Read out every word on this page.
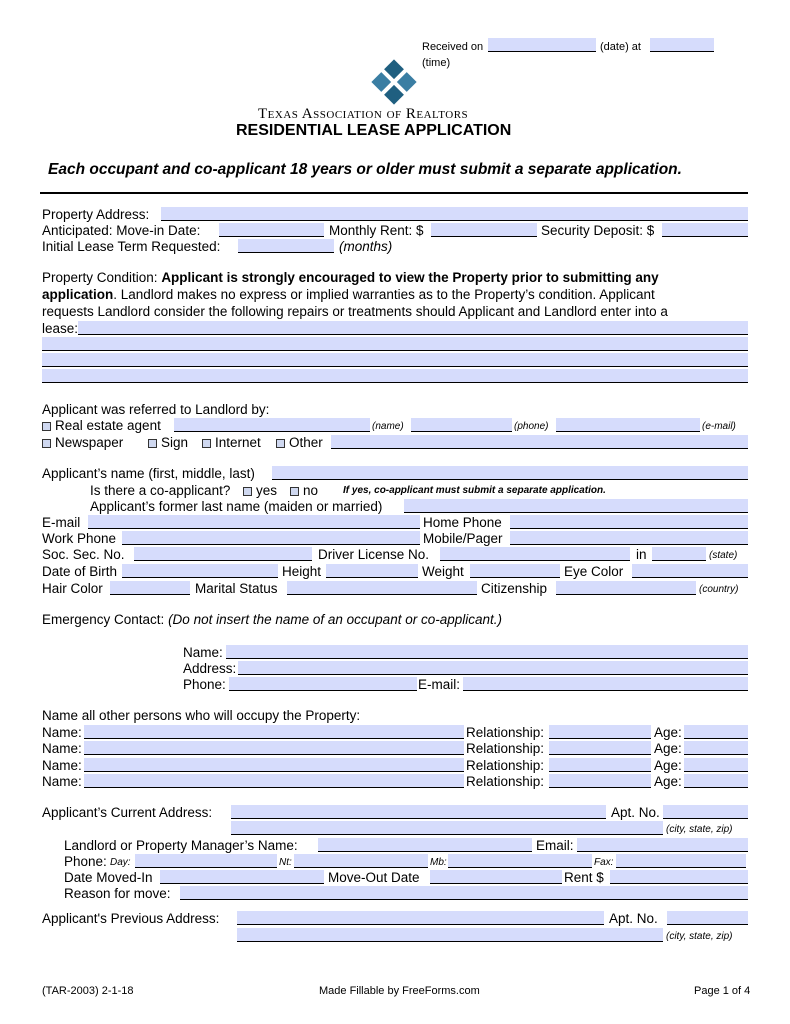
Received on	(date) at
(time)
Texas Association of Realtors
RESIDENTIAL LEASE APPLICATION
Each occupant and co-applicant 18 years or older must submit a separate application.
Property Address:
Anticipated: Move-in Date:	Monthly Rent: $	Security Deposit: $
Initial Lease Term Requested:	(months)
Property Condition: Applicant is strongly encouraged to view the Property prior to submitting any
application. Landlord makes no express or implied warranties as to the Property’s condition. Applicant
requests Landlord consider the following repairs or treatments should Applicant and Landlord enter into a
lease:
Applicant was referred to Landlord by:
Real estate agent	(name)	(phone)	(e-mail)
Newspaper	Sign	Internet	Other
Applicant’s name (first, middle, last)
Is there a co-applicant?	yes	no If yes, co-applicant must submit a separate application.
Applicant’s former last name (maiden or married)
E-mail	Home Phone
Work Phone	Mobile/Pager
Soc. Sec. No.	Driver License No.	in	(state)
Date of Birth	Height	Weight	Eye Color
Hair Color	Marital Status	Citizenship	(country)
Emergency Contact: (Do not insert the name of an occupant or co-applicant.)
Name:
Address:
Phone:	E-mail:
Name all other persons who will occupy the Property:
Name:	Relationship:	Age:
Name:	Relationship:	Age:
Name:	Relationship:	Age:
Name:	Relationship:	Age:
Applicant’s Current Address:	Apt. No.
(city, state, zip)
Landlord or Property Manager’s Name:	Email:
Phone: Day:	Nt:	Mb:	Fax:
Date Moved-In	Move-Out Date	Rent $
Reason for move:
Applicant's Previous Address:	Apt. No.
(city, state, zip)
(TAR-2003) 2-1-18	Made Fillable by FreeForms.com	Page 1 of 4
